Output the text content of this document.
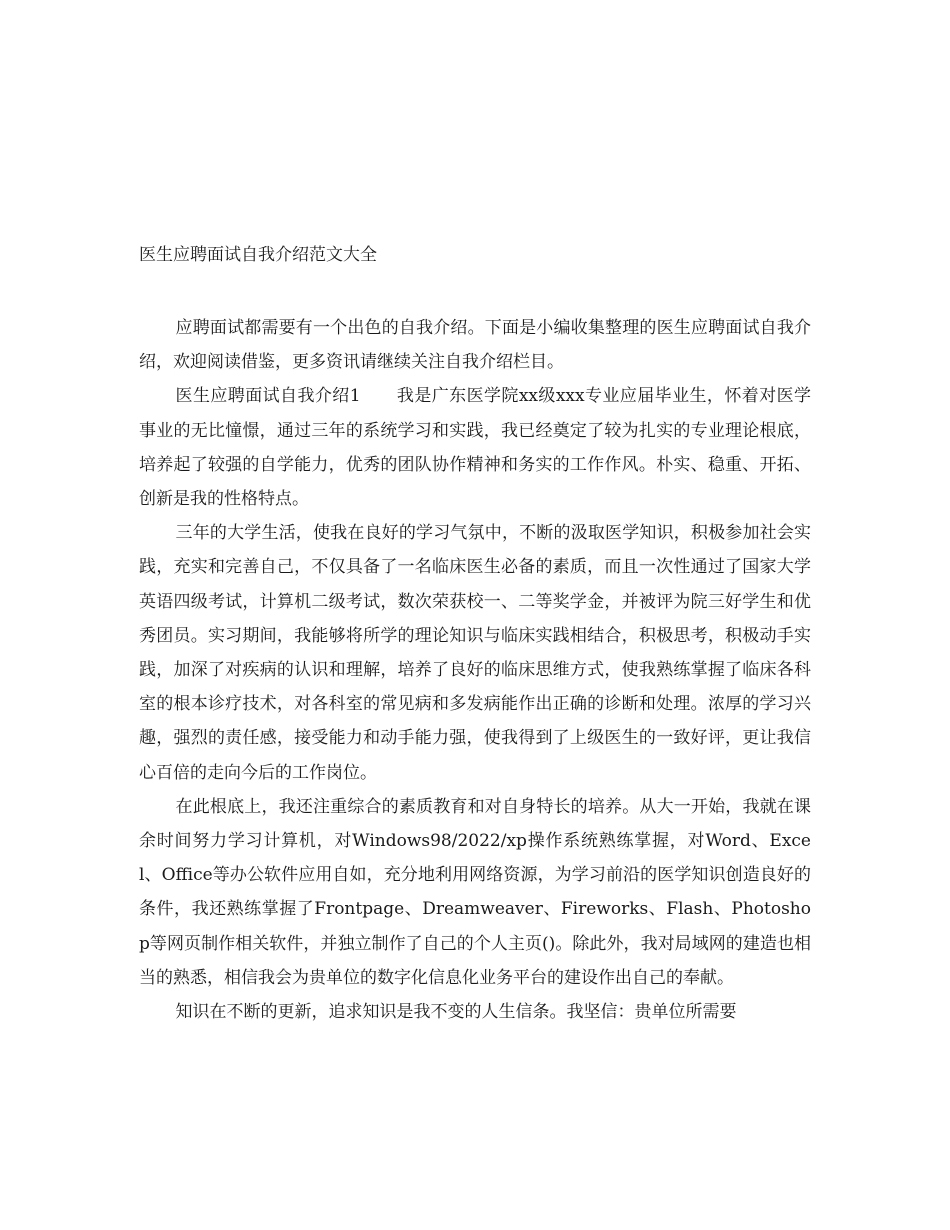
医生应聘面试自我介绍范文大全

应聘面试都需要有一个出色的自我介绍。下面是小编收集整理的医生应聘面试自我介绍，欢迎阅读借鉴，更多资讯请继续关注自我介绍栏目。

医生应聘面试自我介绍1 我是广东医学院xx级xxx专业应届毕业生，怀着对医学事业的无比憧憬，通过三年的系统学习和实践，我已经奠定了较为扎实的专业理论根底，培养起了较强的自学能力，优秀的团队协作精神和务实的工作作风。朴实、稳重、开拓、创新是我的性格特点。

三年的大学生活，使我在良好的学习气氛中，不断的汲取医学知识，积极参加社会实践，充实和完善自己，不仅具备了一名临床医生必备的素质，而且一次性通过了国家大学英语四级考试，计算机二级考试，数次荣获校一、二等奖学金，并被评为院三好学生和优秀团员。实习期间，我能够将所学的理论知识与临床实践相结合，积极思考，积极动手实践，加深了对疾病的认识和理解，培养了良好的临床思维方式，使我熟练掌握了临床各科室的根本诊疗技术，对各科室的常见病和多发病能作出正确的诊断和处理。浓厚的学习兴趣，强烈的责任感，接受能力和动手能力强，使我得到了上级医生的一致好评，更让我信心百倍的走向今后的工作岗位。

在此根底上，我还注重综合的素质教育和对自身特长的培养。从大一开始，我就在课余时间努力学习计算机，对Windows98/2022/xp操作系统熟练掌握，对Word、Excel、Office等办公软件应用自如，充分地利用网络资源，为学习前沿的医学知识创造良好的条件，我还熟练掌握了Frontpage、Dreamweaver、Fireworks、Flash、Photoshop等网页制作相关软件，并独立制作了自己的个人主页()。除此外，我对局域网的建造也相当的熟悉，相信我会为贵单位的数字化信息化业务平台的建设作出自己的奉献。

知识在不断的更新，追求知识是我不变的人生信条。我坚信：贵单位所需要
